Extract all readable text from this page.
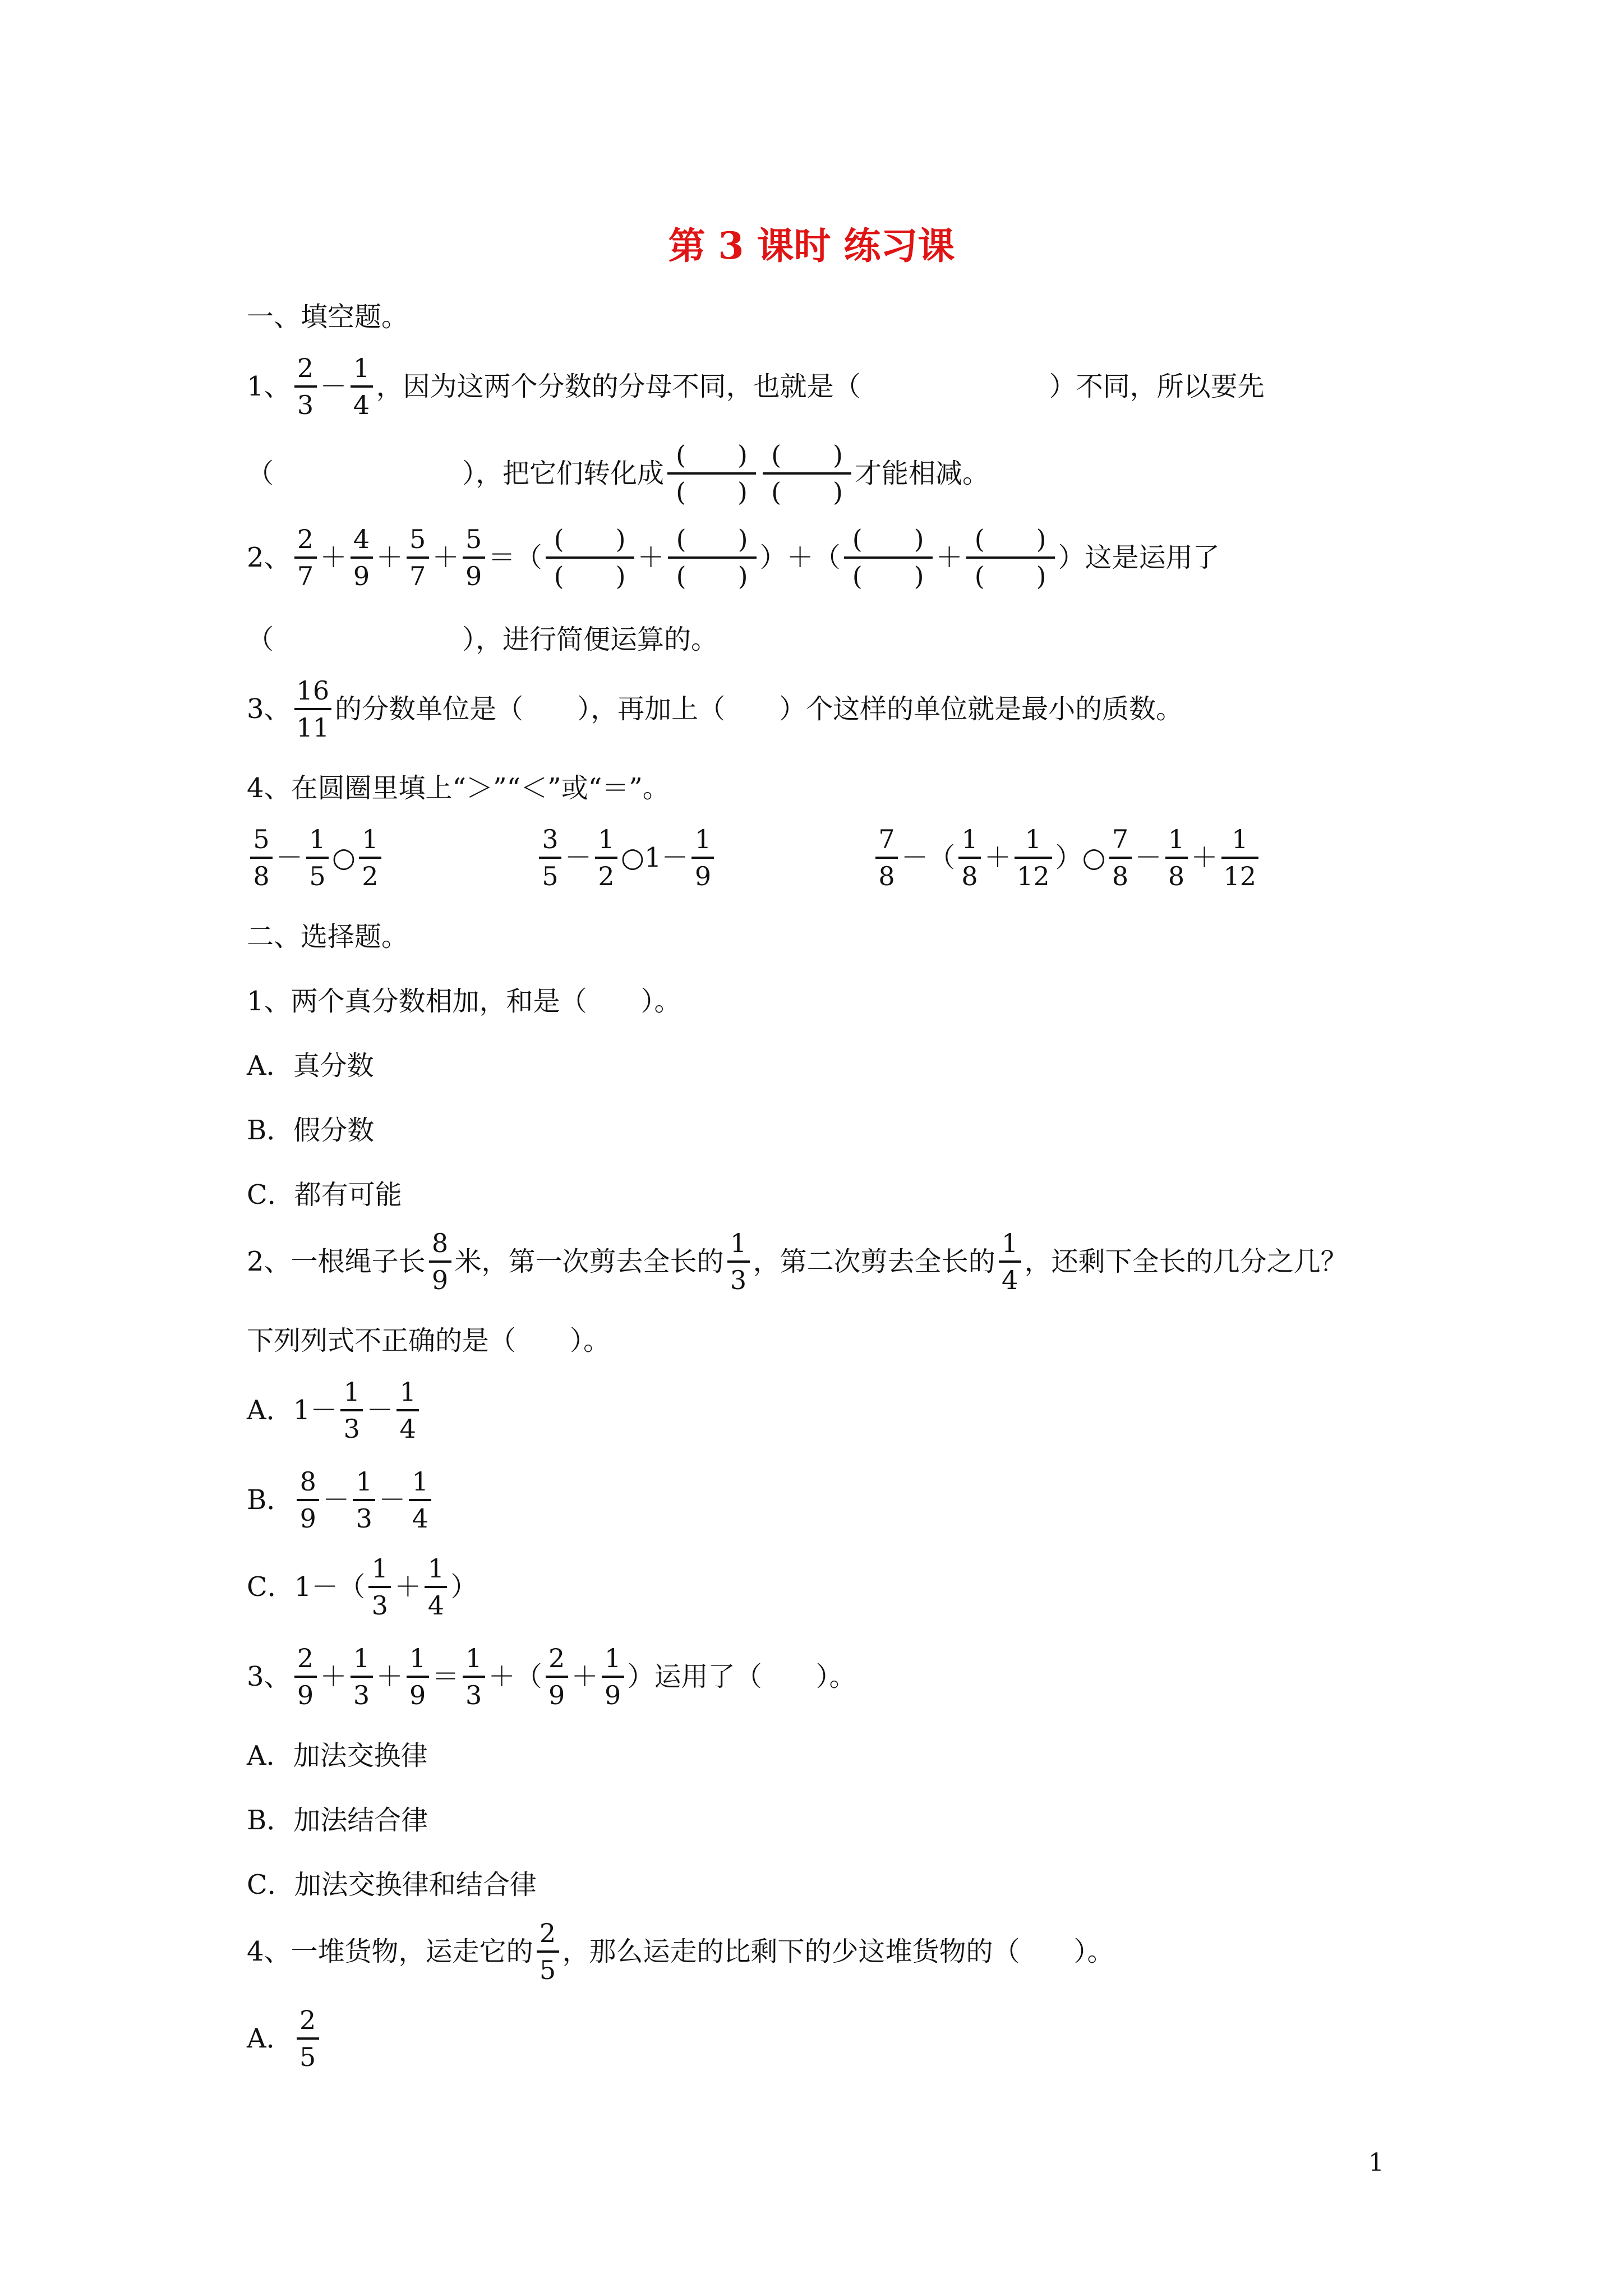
第 3 课时 练习课
一、填空题。
1、 $\frac{2}{3} - \frac{1}{4}$ ，因为这两个分数的分母不同，也就是（　　　　　　　	）不同，所以要先
（　　　　　　　	），把它们转化成 $\frac{( )}{( )} \frac{( )}{( )}$ 才能相减。
2、 $\frac{2}{7} + \frac{4}{9} + \frac{5}{7} + \frac{5}{9}$ ＝（ $\frac{( )}{( )} + \frac{( )}{( )}$ ）＋（ $\frac{( )}{( )} + \frac{( )}{( )}$ ）这是运用了
（　　　　　　　	），进行简便运算的。
3、 $\frac{16}{11}$ 的分数单位是（　　），再加上（　　）个这样的单位就是最小的质数。
4、在圆圈里填上“＞”“＜”或“＝”。
$\frac{5}{8} - \frac{1}{5}$ ○ $\frac{1}{2}$	$\frac{3}{5} - \frac{1}{2}$ ○1－ $\frac{1}{9}$	$\frac{7}{8}$ －（ $\frac{1}{8} + \frac{1}{12}$ ）○ $\frac{7}{8} - \frac{1}{8} + \frac{1}{12}$
二、选择题。
1、两个真分数相加，和是（　　）。
A．真分数
B．假分数
C．都有可能
2、一根绳子长 $\frac{8}{9}$ 米，第一次剪去全长的 $\frac{1}{3}$ ，第二次剪去全长的 $\frac{1}{4}$ ，还剩下全长的几分之几？
下列列式不正确的是（　　）。
A．$1- \frac{1}{3} - \frac{1}{4}$
B． $\frac{8}{9} - \frac{1}{3} - \frac{1}{4}$
C．$1-( \frac{1}{3} + \frac{1}{4}$ ）
3、 $\frac{2}{9} + \frac{1}{3} + \frac{1}{9} = \frac{1}{3}$ ＋（ $\frac{2}{9} + \frac{1}{9}$ ）运用了（　　）。
A．加法交换律
B．加法结合律
C．加法交换律和结合律
4、一堆货物，运走它的 $\frac{2}{5}$ ，那么运走的比剩下的少这堆货物的（　　）。
A． $\frac{2}{5}$
1
